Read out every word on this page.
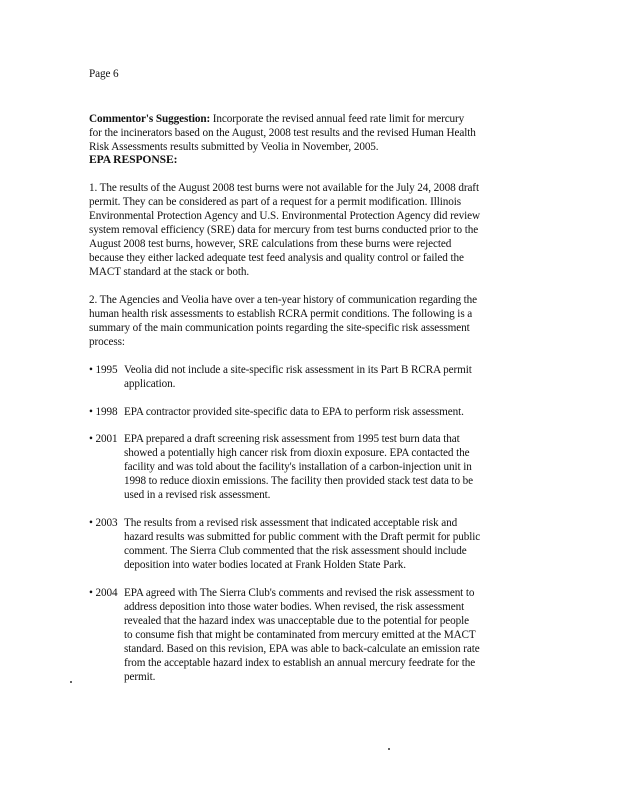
Page 6
Commentor's Suggestion: Incorporate the revised annual feed rate limit for mercury
for the incinerators based on the August, 2008 test results and the revised Human Health
Risk Assessments results submitted by Veolia in November, 2005.
EPA RESPONSE:
1. The results of the August 2008 test burns were not available for the July 24, 2008 draft
permit. They can be considered as part of a request for a permit modification. Illinois
Environmental Protection Agency and U.S. Environmental Protection Agency did review
system removal efficiency (SRE) data for mercury from test burns conducted prior to the
August 2008 test burns, however, SRE calculations from these burns were rejected
because they either lacked adequate test feed analysis and quality control or failed the
MACT standard at the stack or both.
2. The Agencies and Veolia have over a ten-year history of communication regarding the
human health risk assessments to establish RCRA permit conditions. The following is a
summary of the main communication points regarding the site-specific risk assessment
process:
• 1995 Veolia did not include a site-specific risk assessment in its Part B RCRA permit
application.
• 1998 EPA contractor provided site-specific data to EPA to perform risk assessment.
• 2001 EPA prepared a draft screening risk assessment from 1995 test burn data that
showed a potentially high cancer risk from dioxin exposure. EPA contacted the
facility and was told about the facility's installation of a carbon-injection unit in
1998 to reduce dioxin emissions. The facility then provided stack test data to be
used in a revised risk assessment.
• 2003 The results from a revised risk assessment that indicated acceptable risk and
hazard results was submitted for public comment with the Draft permit for public
comment. The Sierra Club commented that the risk assessment should include
deposition into water bodies located at Frank Holden State Park.
• 2004 EPA agreed with The Sierra Club's comments and revised the risk assessment to
address deposition into those water bodies. When revised, the risk assessment
revealed that the hazard index was unacceptable due to the potential for people
to consume fish that might be contaminated from mercury emitted at the MACT
standard. Based on this revision, EPA was able to back-calculate an emission rate
from the acceptable hazard index to establish an annual mercury feedrate for the
permit.
